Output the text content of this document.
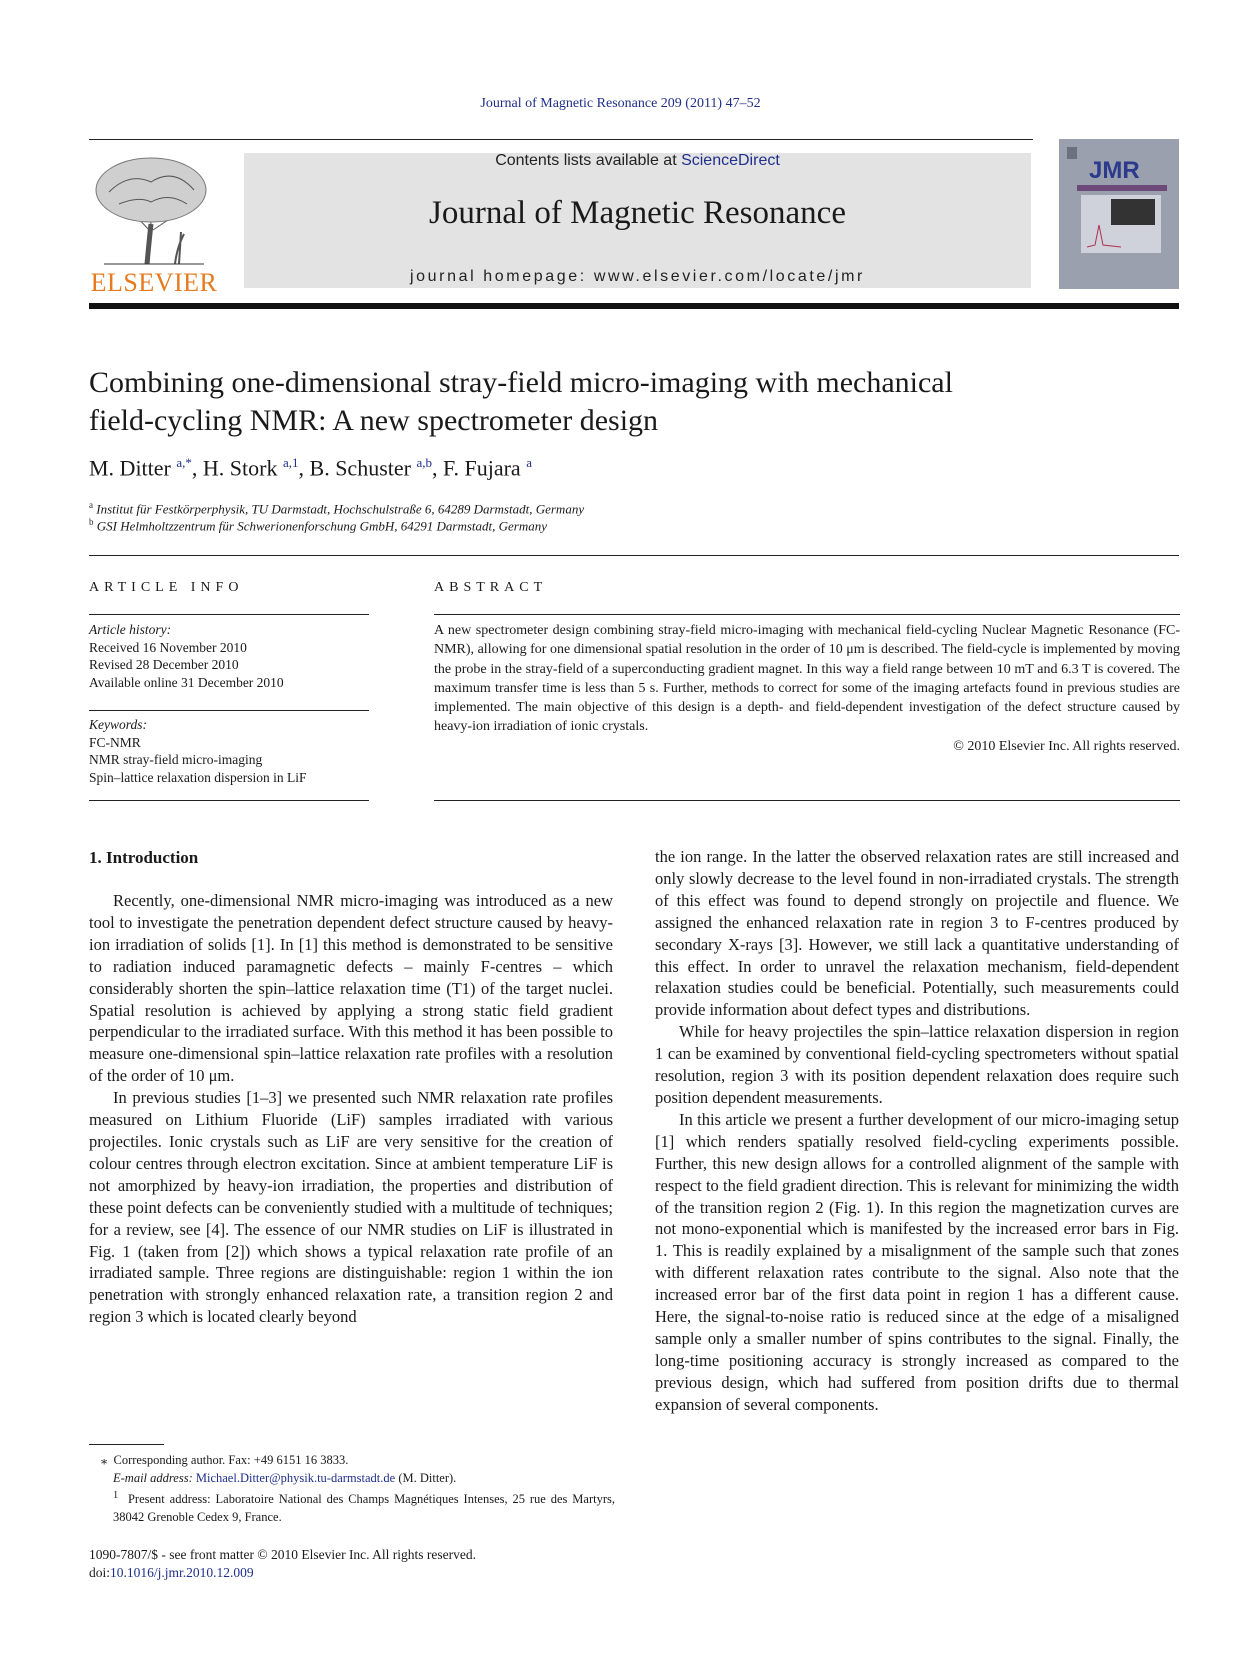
Journal of Magnetic Resonance 209 (2011) 47–52
ELSEVIER
Contents lists available at ScienceDirect
Journal of Magnetic Resonance
journal homepage: www.elsevier.com/locate/jmr
JMR
Combining one-dimensional stray-field micro-imaging with mechanical
field-cycling NMR: A new spectrometer design
M. Ditter $^{a,*}$, H. Stork $^{a,1}$, B. Schuster $^{a,b}$, F. Fujara $^a$
$^a$ Institut für Festkörperphysik, TU Darmstadt, Hochschulstraße 6, 64289 Darmstadt, Germany
$^b$ GSI Helmholtzzentrum für Schwerionenforschung GmbH, 64291 Darmstadt, Germany
ARTICLE INFO
Article history:
Received 16 November 2010
Revised 28 December 2010
Available online 31 December 2010
Keywords:
FC-NMR
NMR stray-field micro-imaging
Spin–lattice relaxation dispersion in LiF
ABSTRACT
A new spectrometer design combining stray-field micro-imaging with mechanical field-cycling Nuclear Magnetic Resonance (FC-NMR), allowing for one dimensional spatial resolution in the order of 10 μm is described. The field-cycle is implemented by moving the probe in the stray-field of a superconducting gradient magnet. In this way a field range between 10 mT and 6.3 T is covered. The maximum transfer time is less than 5 s. Further, methods to correct for some of the imaging artefacts found in previous studies are implemented. The main objective of this design is a depth- and field-dependent investigation of the defect structure caused by heavy-ion irradiation of ionic crystals.
© 2010 Elsevier Inc. All rights reserved.
1. Introduction

Recently, one-dimensional NMR micro-imaging was introduced as a new tool to investigate the penetration dependent defect structure caused by heavy-ion irradiation of solids [1]. In [1] this method is demonstrated to be sensitive to radiation induced paramagnetic defects – mainly F-centres – which considerably shorten the spin–lattice relaxation time (T1) of the target nuclei. Spatial resolution is achieved by applying a strong static field gradient perpendicular to the irradiated surface. With this method it has been possible to measure one-dimensional spin–lattice relaxation rate profiles with a resolution of the order of 10 μm.

In previous studies [1–3] we presented such NMR relaxation rate profiles measured on Lithium Fluoride (LiF) samples irradiated with various projectiles. Ionic crystals such as LiF are very sensitive for the creation of colour centres through electron excitation. Since at ambient temperature LiF is not amorphized by heavy-ion irradiation, the properties and distribution of these point defects can be conveniently studied with a multitude of techniques; for a review, see [4]. The essence of our NMR studies on LiF is illustrated in Fig. 1 (taken from [2]) which shows a typical relaxation rate profile of an irradiated sample. Three regions are distinguishable: region 1 within the ion penetration with strongly enhanced relaxation rate, a transition region 2 and region 3 which is located clearly beyond

the ion range. In the latter the observed relaxation rates are still increased and only slowly decrease to the level found in non-irradiated crystals. The strength of this effect was found to depend strongly on projectile and fluence. We assigned the enhanced relaxation rate in region 3 to F-centres produced by secondary X-rays [3]. However, we still lack a quantitative understanding of this effect. In order to unravel the relaxation mechanism, field-dependent relaxation studies could be beneficial. Potentially, such measurements could provide information about defect types and distributions.

While for heavy projectiles the spin–lattice relaxation dispersion in region 1 can be examined by conventional field-cycling spectrometers without spatial resolution, region 3 with its position dependent relaxation does require such position dependent measurements.

In this article we present a further development of our micro-imaging setup [1] which renders spatially resolved field-cycling experiments possible. Further, this new design allows for a controlled alignment of the sample with respect to the field gradient direction. This is relevant for minimizing the width of the transition region 2 (Fig. 1). In this region the magnetization curves are not mono-exponential which is manifested by the increased error bars in Fig. 1. This is readily explained by a misalignment of the sample such that zones with different relaxation rates contribute to the signal. Also note that the increased error bar of the first data point in region 1 has a different cause. Here, the signal-to-noise ratio is reduced since at the edge of a misaligned sample only a smaller number of spins contributes to the signal. Finally, the long-time positioning accuracy is strongly increased as compared to the previous design, which had suffered from position drifts due to thermal expansion of several components.

⁎ Corresponding author. Fax: +49 6151 16 3833.
E-mail address: Michael.Ditter@physik.tu-darmstadt.de (M. Ditter).
$^1$ Present address: Laboratoire National des Champs Magnétiques Intenses, 25 rue des Martyrs, 38042 Grenoble Cedex 9, France.
1090-7807/$ - see front matter © 2010 Elsevier Inc. All rights reserved.
doi:10.1016/j.jmr.2010.12.009
